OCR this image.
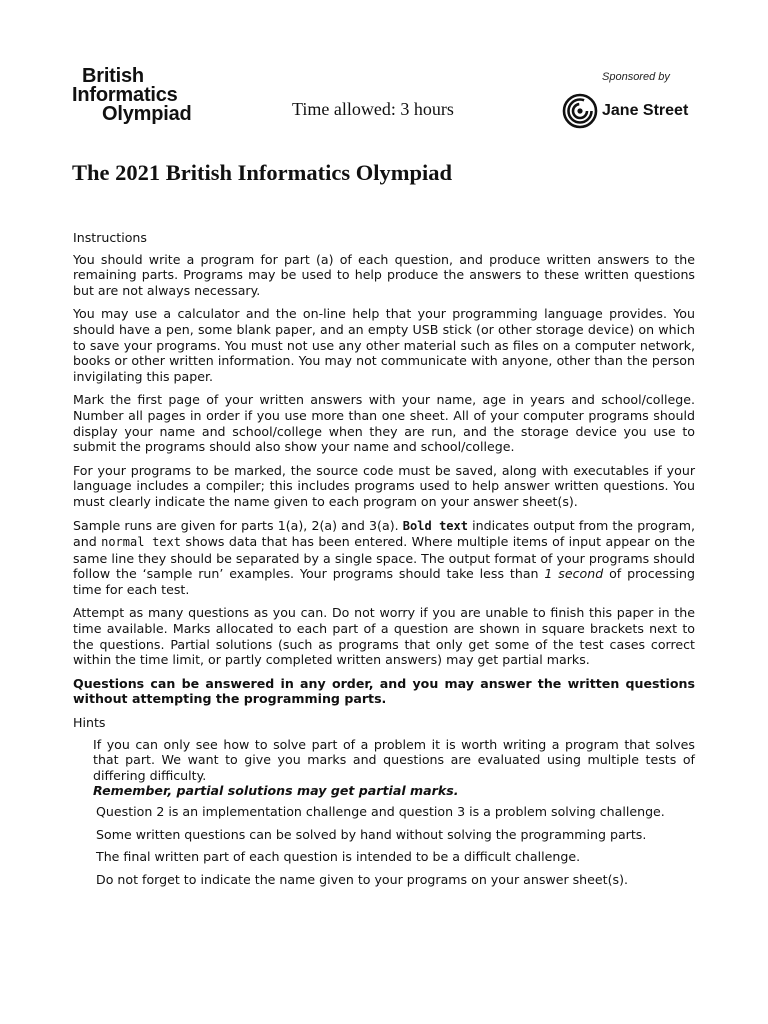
British
Informatics
Olympiad	Time allowed: 3 hours
Sponsored by
Jane Street
The 2021 British Informatics Olympiad

Instructions

You should write a program for part (a) of each question, and produce written answers to the remaining parts. Programs may be used to help produce the answers to these written questions but are not always necessary.

You may use a calculator and the on-line help that your programming language provides. You should have a pen, some blank paper, and an empty USB stick (or other storage device) on which to save your programs. You must not use any other material such as files on a computer network, books or other written information. You may not communicate with anyone, other than the person invigilating this paper.

Mark the first page of your written answers with your name, age in years and school/college. Number all pages in order if you use more than one sheet. All of your computer programs should display your name and school/college when they are run, and the storage device you use to submit the programs should also show your name and school/college.

For your programs to be marked, the source code must be saved, along with executables if your language includes a compiler; this includes programs used to help answer written questions. You must clearly indicate the name given to each program on your answer sheet(s).

Sample runs are given for parts 1(a), 2(a) and 3(a). Bold text indicates output from the program, and normal text shows data that has been entered. Where multiple items of input appear on the same line they should be separated by a single space. The output format of your programs should follow the ‘sample run’ examples. Your programs should take less than 1 second of processing time for each test.

Attempt as many questions as you can. Do not worry if you are unable to finish this paper in the time available. Marks allocated to each part of a question are shown in square brackets next to the questions. Partial solutions (such as programs that only get some of the test cases correct within the time limit, or partly completed written answers) may get partial marks.

Questions can be answered in any order, and you may answer the written questions without attempting the programming parts.

Hints

If you can only see how to solve part of a problem it is worth writing a program that solves that part. We want to give you marks and questions are evaluated using multiple tests of differing difficulty.
Remember, partial solutions may get partial marks.

Question 2 is an implementation challenge and question 3 is a problem solving challenge.

Some written questions can be solved by hand without solving the programming parts.

The final written part of each question is intended to be a difficult challenge.

Do not forget to indicate the name given to your programs on your answer sheet(s).
